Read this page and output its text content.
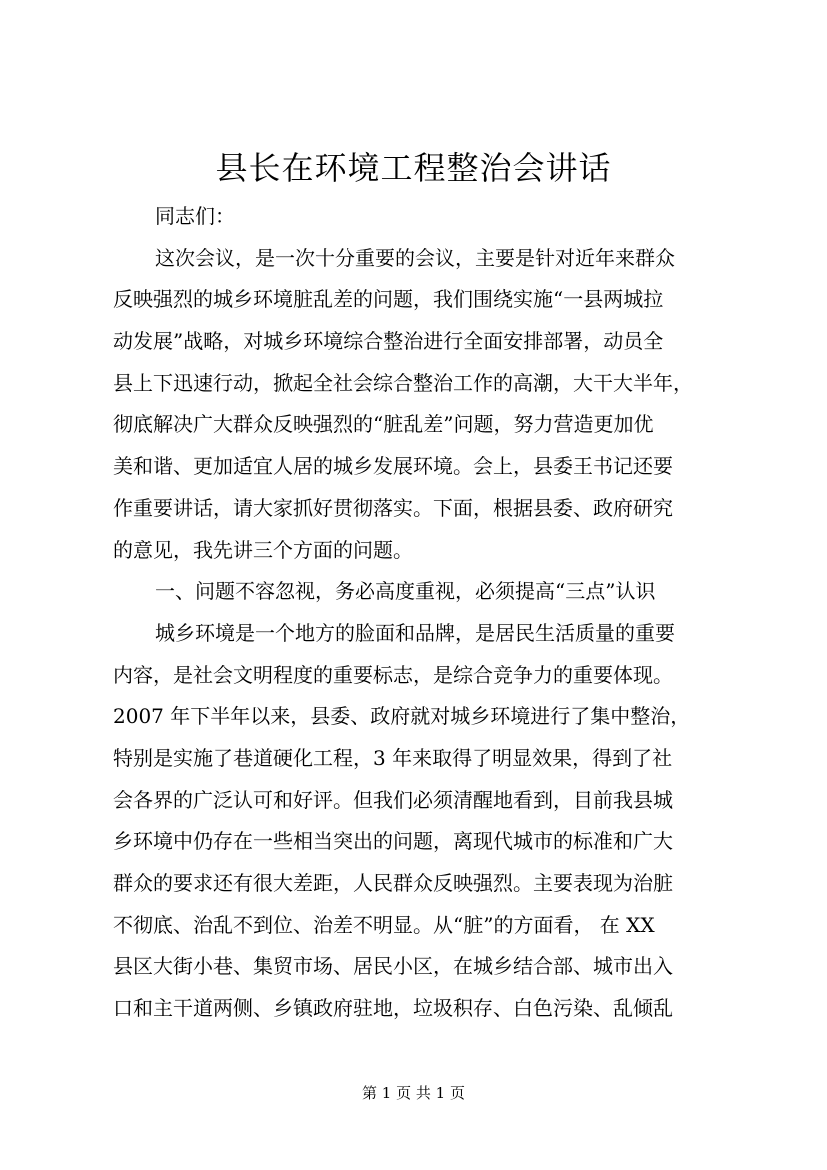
县长在环境工程整治会讲话
同志们：
这次会议，是一次十分重要的会议，主要是针对近年来群众
反映强烈的城乡环境脏乱差的问题，我们围绕实施“一县两城拉
动发展”战略，对城乡环境综合整治进行全面安排部署，动员全
县上下迅速行动，掀起全社会综合整治工作的高潮，大干大半年，
彻底解决广大群众反映强烈的“脏乱差”问题，努力营造更加优
美和谐、更加适宜人居的城乡发展环境。会上，县委王书记还要
作重要讲话，请大家抓好贯彻落实。下面，根据县委、政府研究
的意见，我先讲三个方面的问题。
一、问题不容忽视，务必高度重视，必须提高“三点”认识
城乡环境是一个地方的脸面和品牌，是居民生活质量的重要
内容，是社会文明程度的重要标志，是综合竞争力的重要体现。
2007 年下半年以来，县委、政府就对城乡环境进行了集中整治，
特别是实施了巷道硬化工程，3 年来取得了明显效果，得到了社
会各界的广泛认可和好评。但我们必须清醒地看到，目前我县城
乡环境中仍存在一些相当突出的问题，离现代城市的标准和广大
群众的要求还有很大差距，人民群众反映强烈。主要表现为治脏
不彻底、治乱不到位、治差不明显。从“脏”的方面看， 在 XX
县区大街小巷、集贸市场、居民小区，在城乡结合部、城市出入
口和主干道两侧、乡镇政府驻地，垃圾积存、白色污染、乱倾乱
第 1 页 共 1 页
